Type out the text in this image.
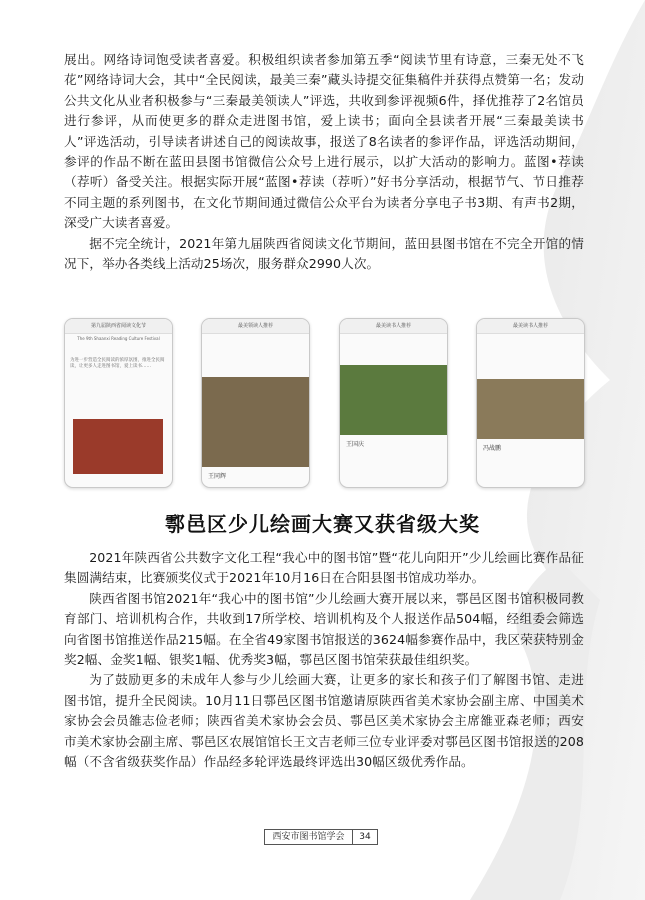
展出。网络诗词饱受读者喜爱。积极组织读者参加第五季“阅读节里有诗意，三秦无处不飞花”网络诗词大会，其中“全民阅读，最美三秦”藏头诗提交征集稿件并获得点赞第一名；发动公共文化从业者积极参与“三秦最美领读人”评选，共收到参评视频6件，择优推荐了2名馆员进行参评，从而使更多的群众走进图书馆，爱上读书；面向全县读者开展“三秦最美读书人”评选活动，引导读者讲述自己的阅读故事，报送了8名读者的参评作品，评选活动期间，参评的作品不断在蓝田县图书馆微信公众号上进行展示，以扩大活动的影响力。蓝图•荐读（荐听）备受关注。根据实际开展“蓝图•荐读（荐听）”好书分享活动，根据节气、节日推荐不同主题的系列图书，在文化节期间通过微信公众平台为读者分享电子书3期、有声书2期，深受广大读者喜爱。

据不完全统计，2021年第九届陕西省阅读文化节期间，蓝田县图书馆在不完全开馆的情况下，举办各类线上活动25场次，服务群众2990人次。

第九届陕西省阅读文化节
The 9th Shaanxi Reading Culture Festival
为进一步营造全民阅读的浓厚氛围，推进全民阅读，让更多人走进图书馆，爱上读书……
最美领读人推荐
王同辉
最美读书人推荐
王国庆
最美读书人推荐
冯战鹏
鄠邑区少儿绘画大赛又获省级大奖

2021年陕西省公共数字文化工程“我心中的图书馆”暨“花儿向阳开”少儿绘画比赛作品征集圆满结束，比赛颁奖仪式于2021年10月16日在合阳县图书馆成功举办。

陕西省图书馆2021年“我心中的图书馆”少儿绘画大赛开展以来，鄠邑区图书馆积极同教育部门、培训机构合作，共收到17所学校、培训机构及个人报送作品504幅，经组委会筛选向省图书馆推送作品215幅。在全省49家图书馆报送的3624幅参赛作品中，我区荣获特别金奖2幅、金奖1幅、银奖1幅、优秀奖3幅，鄠邑区图书馆荣获最佳组织奖。

为了鼓励更多的未成年人参与少儿绘画大赛，让更多的家长和孩子们了解图书馆、走进图书馆，提升全民阅读。10月11日鄠邑区图书馆邀请原陕西省美术家协会副主席、中国美术家协会会员雒志俭老师；陕西省美术家协会会员、鄠邑区美术家协会主席雒亚森老师；西安市美术家协会副主席、鄠邑区农展馆馆长王文吉老师三位专业评委对鄠邑区图书馆报送的208幅（不含省级获奖作品）作品经多轮评选最终评选出30幅区级优秀作品。

西安市图书馆学会	34
